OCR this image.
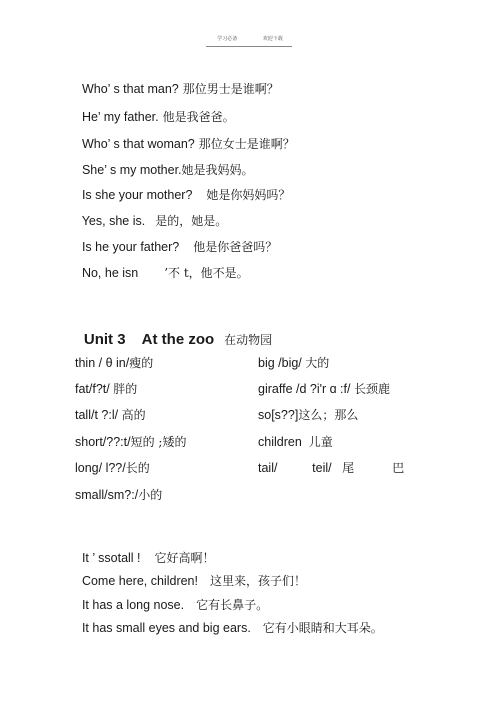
学习必备	欢迎下载

Who’ s that man? 那位男士是谁啊？

He’ my father. 他是我爸爸。

Who’ s that woman? 那位女士是谁啊？

She’ s my mother.她是我妈妈。

Is she your mother? 她是你妈妈吗？

Yes, she is. 是的，她是。

Is he your father? 他是你爸爸吗？

No, he isn ’不 t，他不是。

Unit 3    At the zoo 在动物园

thin / θ in/瘦的
fat/f?t/ 胖的
tall/t ?:l/ 高的
short/??:t/短的 ;矮的
long/ l??/长的
small/sm?:/小的
big /big/ 大的
giraffe /d ?i'r ɑ :f/ 长颈鹿
so[s??]这么；那么
children 儿童
tail/          teil/ 尾          巴

It ’ ssotall ! 它好高啊！

Come here, children! 这里来，孩子们！

It has a long nose. 它有长鼻子。

It has small eyes and big ears. 它有小眼睛和大耳朵。
